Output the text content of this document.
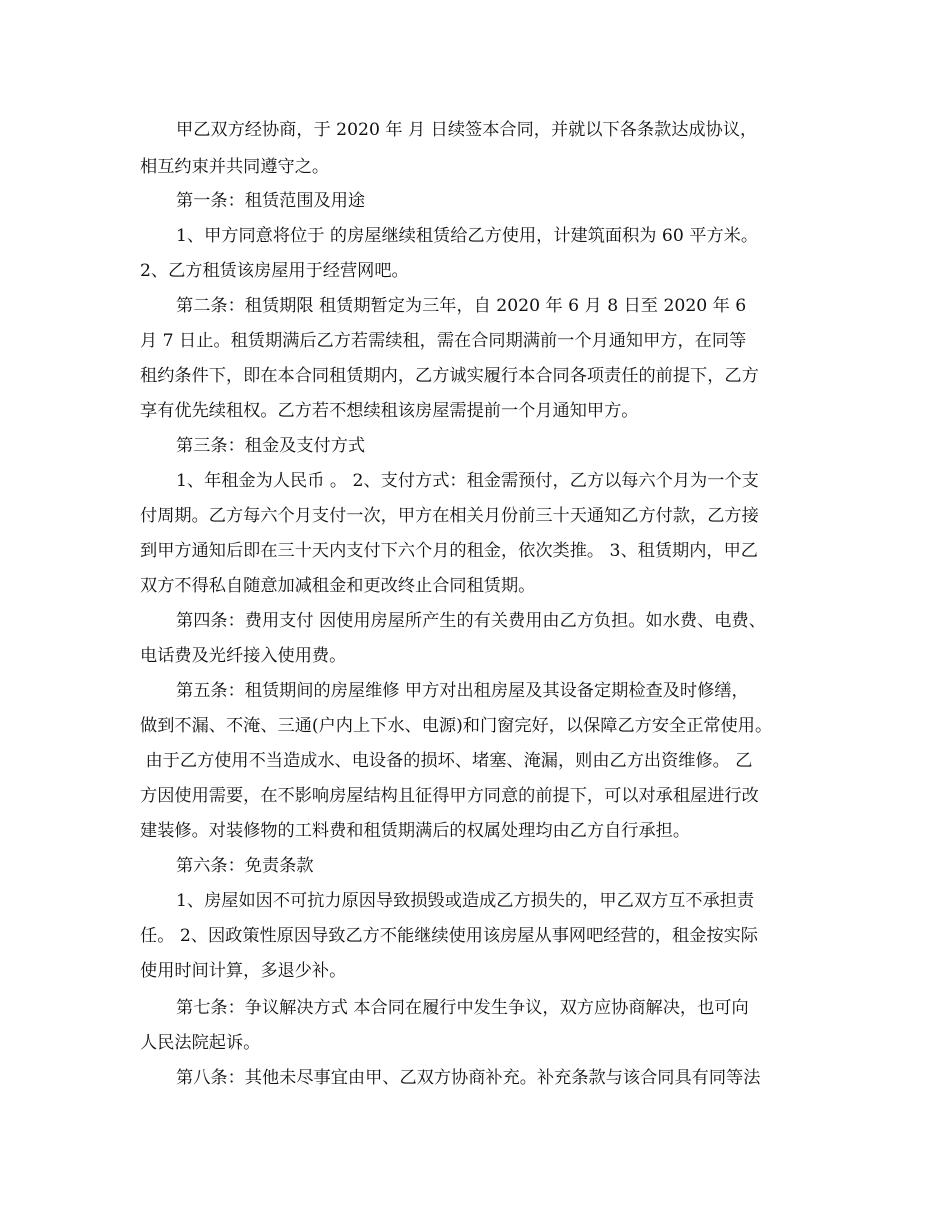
甲乙双方经协商，于 2020 年 月 日续签本合同，并就以下各条款达成协议，
相互约束并共同遵守之。
第一条：租赁范围及用途
1、甲方同意将位于 的房屋继续租赁给乙方使用，计建筑面积为 60 平方米。
2、乙方租赁该房屋用于经营网吧。
第二条：租赁期限 租赁期暂定为三年，自 2020 年 6 月 8 日至 2020 年 6
月 7 日止。租赁期满后乙方若需续租，需在合同期满前一个月通知甲方，在同等
租约条件下，即在本合同租赁期内，乙方诚实履行本合同各项责任的前提下，乙方
享有优先续租权。乙方若不想续租该房屋需提前一个月通知甲方。
第三条：租金及支付方式
1、年租金为人民币 。 2、支付方式：租金需预付，乙方以每六个月为一个支
付周期。乙方每六个月支付一次，甲方在相关月份前三十天通知乙方付款，乙方接
到甲方通知后即在三十天内支付下六个月的租金，依次类推。 3、租赁期内，甲乙
双方不得私自随意加减租金和更改终止合同租赁期。
第四条：费用支付 因使用房屋所产生的有关费用由乙方负担。如水费、电费、
电话费及光纤接入使用费。
第五条：租赁期间的房屋维修 甲方对出租房屋及其设备定期检查及时修缮，
做到不漏、不淹、三通(户内上下水、电源)和门窗完好，以保障乙方安全正常使用。
由于乙方使用不当造成水、电设备的损坏、堵塞、淹漏，则由乙方出资维修。 乙
方因使用需要，在不影响房屋结构且征得甲方同意的前提下，可以对承租屋进行改
建装修。对装修物的工料费和租赁期满后的权属处理均由乙方自行承担。
第六条：免责条款
1、房屋如因不可抗力原因导致损毁或造成乙方损失的，甲乙双方互不承担责
任。 2、因政策性原因导致乙方不能继续使用该房屋从事网吧经营的，租金按实际
使用时间计算，多退少补。
第七条：争议解决方式 本合同在履行中发生争议，双方应协商解决，也可向
人民法院起诉。
第八条：其他未尽事宜由甲、乙双方协商补充。补充条款与该合同具有同等法
